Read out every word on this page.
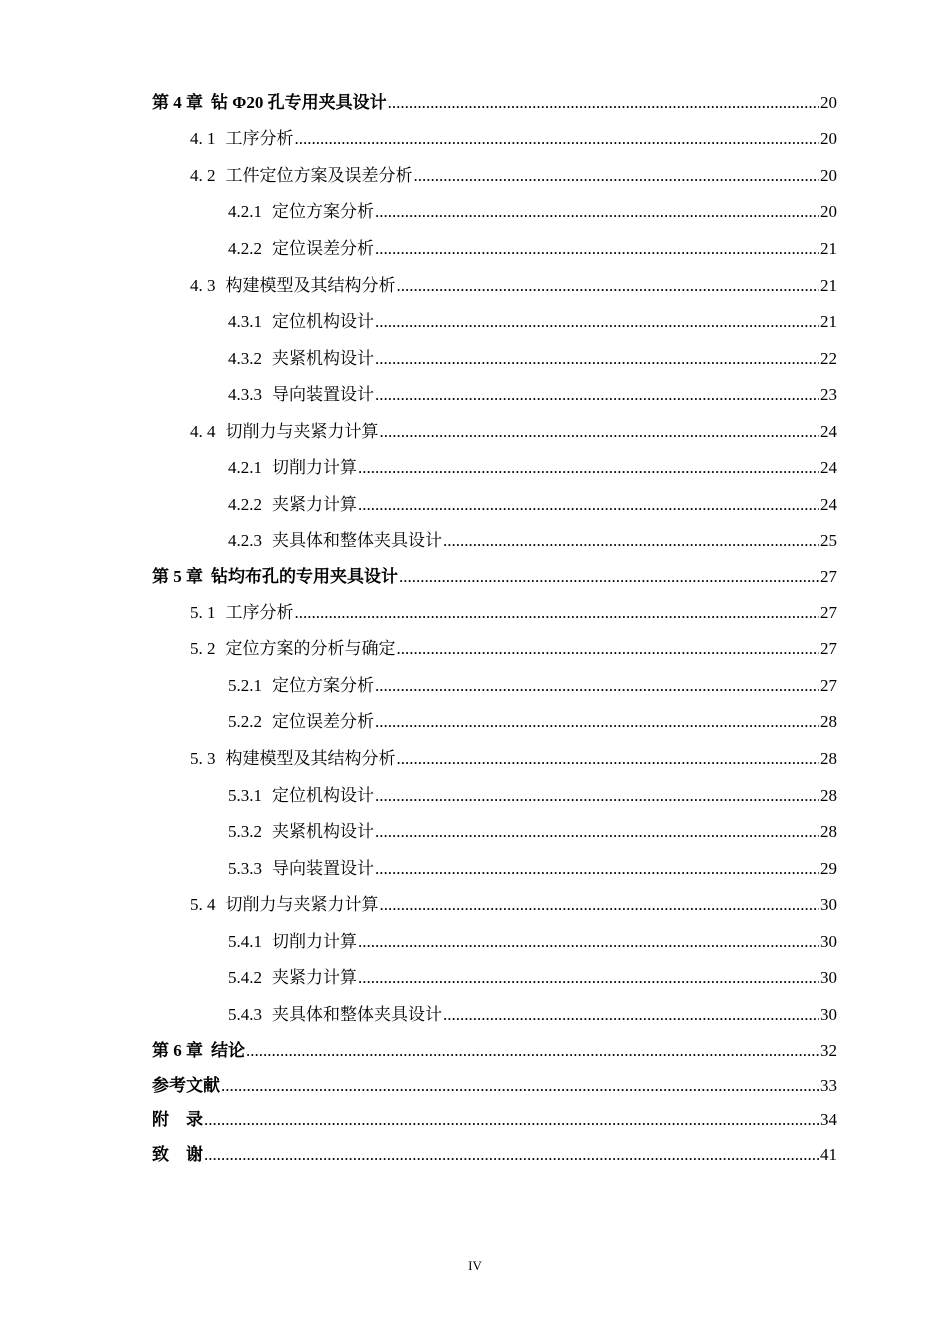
第 4 章 钻 Φ20 孔专用夹具设计 .....	20
4. 1 工序分析 .....	20
4. 2 工件定位方案及误差分析 .....	20
4.2.1 定位方案分析 .....	20
4.2.2 定位误差分析 .....	21
4. 3 构建模型及其结构分析 .....	21
4.3.1 定位机构设计 .....	21
4.3.2 夹紧机构设计 .....	22
4.3.3 导向装置设计 .....	23
4. 4 切削力与夹紧力计算 .....	24
4.2.1 切削力计算 .....	24
4.2.2 夹紧力计算 .....	24
4.2.3 夹具体和整体夹具设计 .....	25
第 5 章 钻均布孔的专用夹具设计 .....	27
5. 1 工序分析 .....	27
5. 2 定位方案的分析与确定 .....	27
5.2.1 定位方案分析 .....	27
5.2.2 定位误差分析 .....	28
5. 3 构建模型及其结构分析 .....	28
5.3.1 定位机构设计 .....	28
5.3.2 夹紧机构设计 .....	28
5.3.3 导向装置设计 .....	29
5. 4 切削力与夹紧力计算 .....	30
5.4.1 切削力计算 .....	30
5.4.2 夹紧力计算 .....	30
5.4.3 夹具体和整体夹具设计 .....	30
第 6 章 结论 .....	32
参考文献 .....	33
附　录 .....	34
致　谢 .....	41
IV
